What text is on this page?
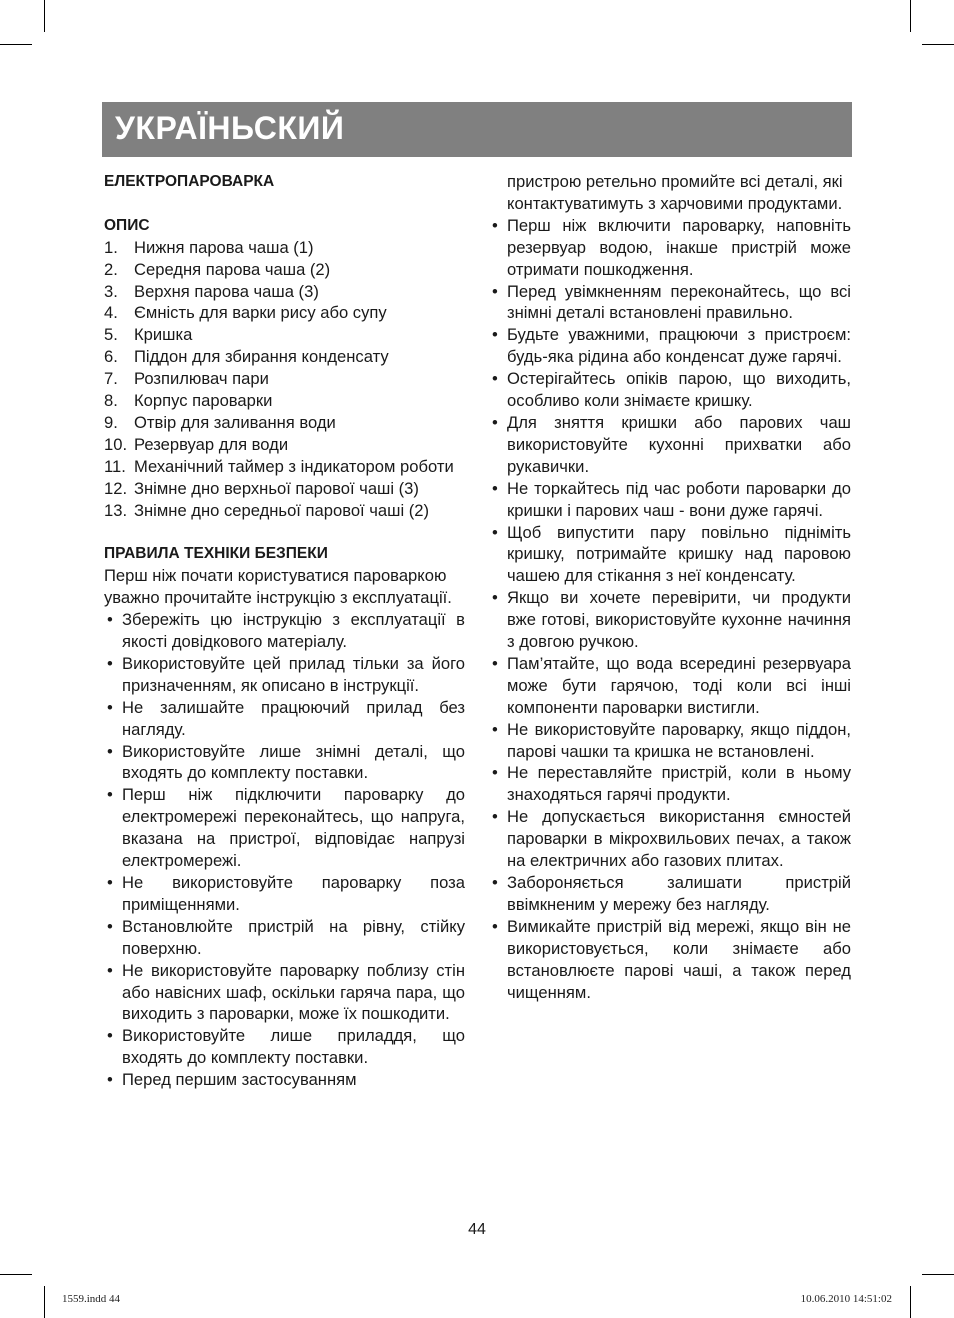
УКРАЇНЬСКИЙ
ЕЛЕКТРОПАРОВАРКА
ОПИС
1. Нижня парова чаша (1)
2. Середня парова чаша (2)
3. Верхня парова чаша (3)
4. Ємність для варки рису або супу
5. Кришка
6. Піддон для збирання конденсату
7. Розпилювач пари
8. Корпус пароварки
9. Отвір для заливання води
10. Резервуар для води
11. Механічний таймер з індикатором роботи
12. Знімне дно верхньої парової чаші (3)
13. Знімне дно середньої парової чаші (2)
ПРАВИЛА ТЕХНІКИ БЕЗПЕКИ
Перш ніж почати користуватися пароваркою уважно прочитайте інструкцію з експлуатації.
• Збережіть цю інструкцію з експлуатації в якості довідкового матеріалу.
• Використовуйте цей прилад тільки за його призначенням, як описано в інструкції.
• Не залишайте працюючий прилад без нагляду.
• Використовуйте лише знімні деталі, що входять до комплекту поставки.
• Перш ніж підключити пароварку до електромережі переконайтесь, що напруга, вказана на пристрої, відповідає напрузі електромережі.
• Не використовуйте пароварку поза приміщеннями.
• Встановлюйте пристрій на рівну, стійку поверхню.
• Не використовуйте пароварку поблизу стін або навісних шаф, оскільки гаряча пара, що виходить з пароварки, може їх пошкодити.
• Використовуйте лише приладдя, що входять до комплекту поставки.
• Перед першим застосуванням
пристрою ретельно промийте всі деталі, які контактуватимуть з харчовими продуктами.
• Перш ніж включити пароварку, наповніть резервуар водою, інакше пристрій може отримати пошкодження.
• Перед увімкненням переконайтесь, що всі знімні деталі встановлені правильно.
• Будьте уважними, працюючи з пристроєм: будь-яка рідина або конденсат дуже гарячі.
• Остерігайтесь опіків парою, що виходить, особливо коли знімаєте кришку.
• Для зняття кришки або парових чаш використовуйте кухонні прихватки або рукавички.
• Не торкайтесь під час роботи пароварки до кришки і парових чаш - вони дуже гарячі.
• Щоб випустити пару повільно підніміть кришку, потримайте кришку над паровою чашею для стікання з неї конденсату.
• Якщо ви хочете перевірити, чи продукти вже готові, використовуйте кухонне начиння з довгою ручкою.
• Пам’ятайте, що вода всередині резервуара може бути гарячою, тоді коли всі інші компоненти пароварки вистигли.
• Не використовуйте пароварку, якщо піддон, парові чашки та кришка не встановлені.
• Не переставляйте пристрій, коли в ньому знаходяться гарячі продукти.
• Не допускається використання ємностей пароварки в мікрохвильових печах, а також на електричних або газових плитах.
• Забороняється залишати пристрій ввімкненим у мережу без нагляду.
• Вимикайте пристрій від мережі, якщо він не використовується, коли знімаєте або встановлюєте парові чаші, а також перед чищенням.
44
1559.indd 44	10.06.2010 14:51:02
